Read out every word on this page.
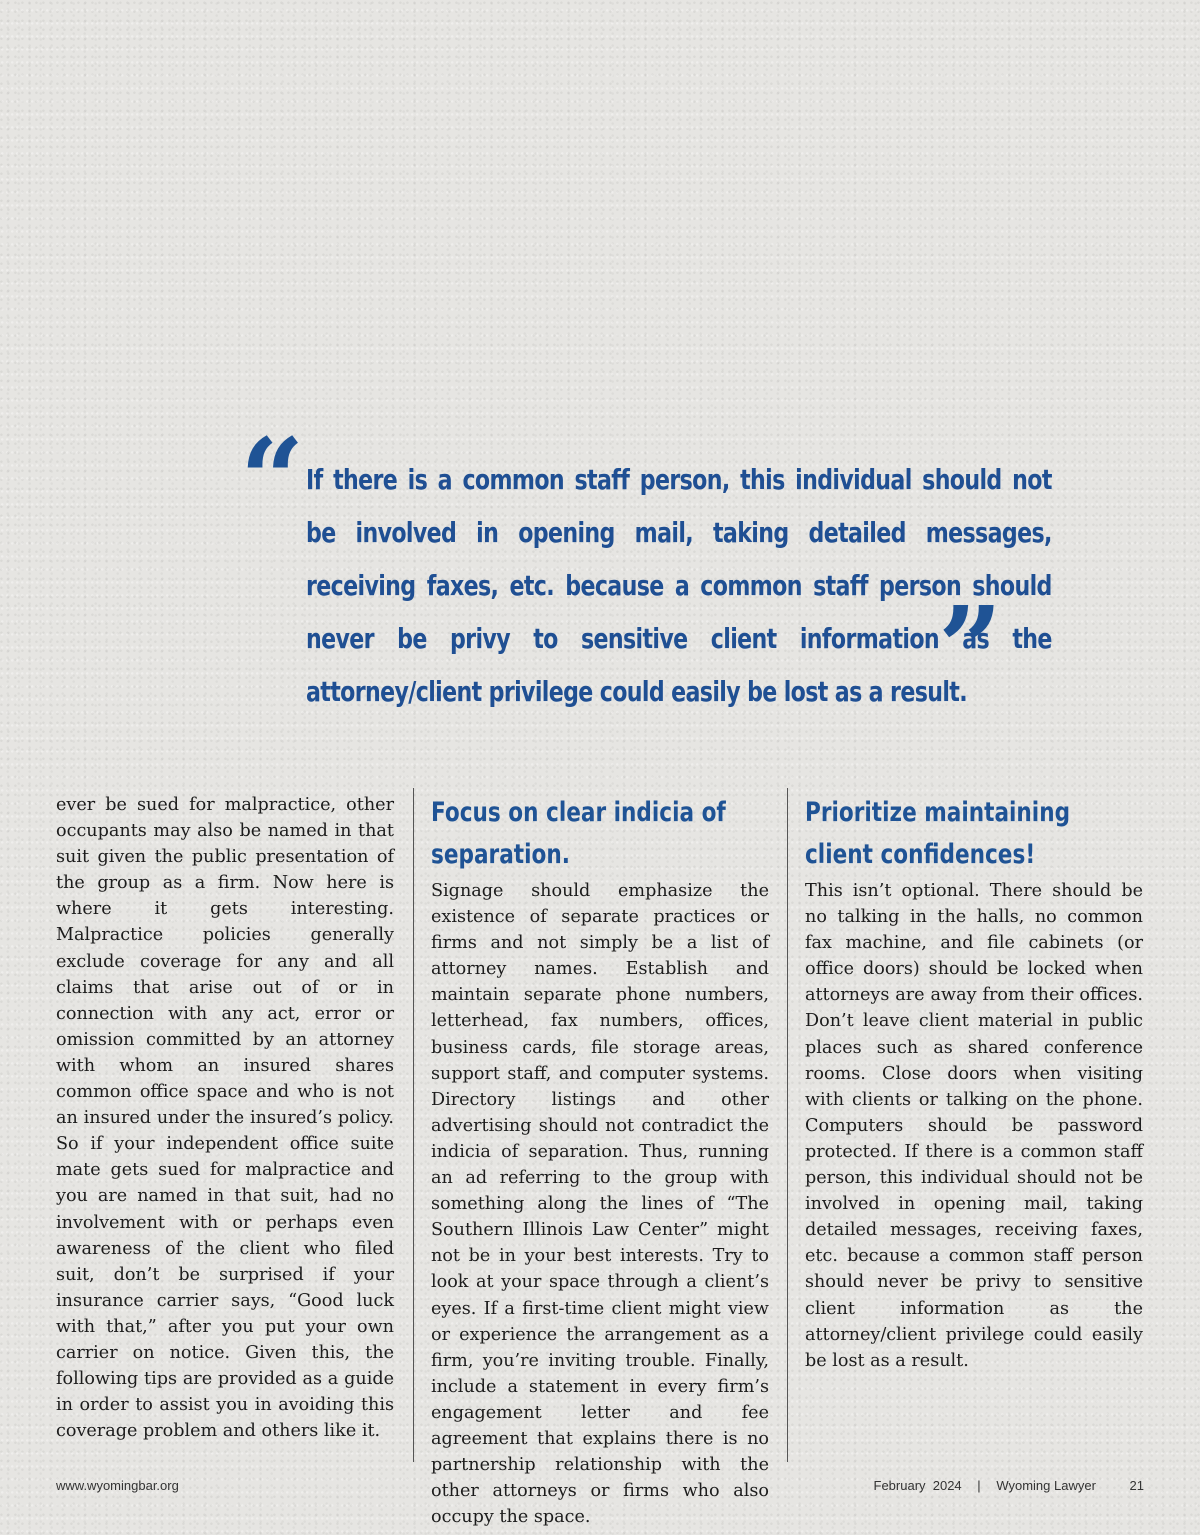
“ If there is a common staff person, this individual should not be involved in opening mail, taking detailed messages, receiving faxes, etc. because a common staff person should never be privy to sensitive client information as the attorney/client privilege could easily be lost as a result.
”

ever be sued for malpractice, other occupants may also be named in that suit given the public presentation of the group as a firm. Now here is where it gets interesting. Malpractice policies generally exclude coverage for any and all claims that arise out of or in connection with any act, error or omission committed by an attorney with whom an insured shares common office space and who is not an insured under the insured’s policy. So if your independent office suite mate gets sued for malpractice and you are named in that suit, had no involvement with or perhaps even awareness of the client who filed suit, don’t be surprised if your insurance carrier says, “Good luck with that,” after you put your own carrier on notice. Given this, the following tips are provided as a guide in order to assist you in avoiding this coverage problem and others like it.

Focus on clear indicia of separation.

Signage should emphasize the existence of separate practices or firms and not simply be a list of attorney names. Establish and maintain separate phone numbers, letterhead, fax numbers, offices, business cards, file storage areas, support staff, and computer systems. Directory listings and other advertising should not contradict the indicia of separation. Thus, running an ad referring to the group with something along the lines of “The Southern Illinois Law Center” might not be in your best interests. Try to look at your space through a client’s eyes. If a first-time client might view or experience the arrangement as a firm, you’re inviting trouble. Finally, include a statement in every firm’s engagement letter and fee agreement that explains there is no partnership relationship with the other attorneys or firms who also occupy the space.

Prioritize maintaining client confidences!

This isn’t optional. There should be no talking in the halls, no common fax machine, and file cabinets (or office doors) should be locked when attorneys are away from their offices. Don’t leave client material in public places such as shared conference rooms. Close doors when visiting with clients or talking on the phone. Computers should be password protected. If there is a common staff person, this individual should not be involved in opening mail, taking detailed messages, receiving faxes, etc. because a common staff person should never be privy to sensitive client information as the attorney/client privilege could easily be lost as a result.

www.wyomingbar.org	February  2024 | Wyoming Lawyer	21
